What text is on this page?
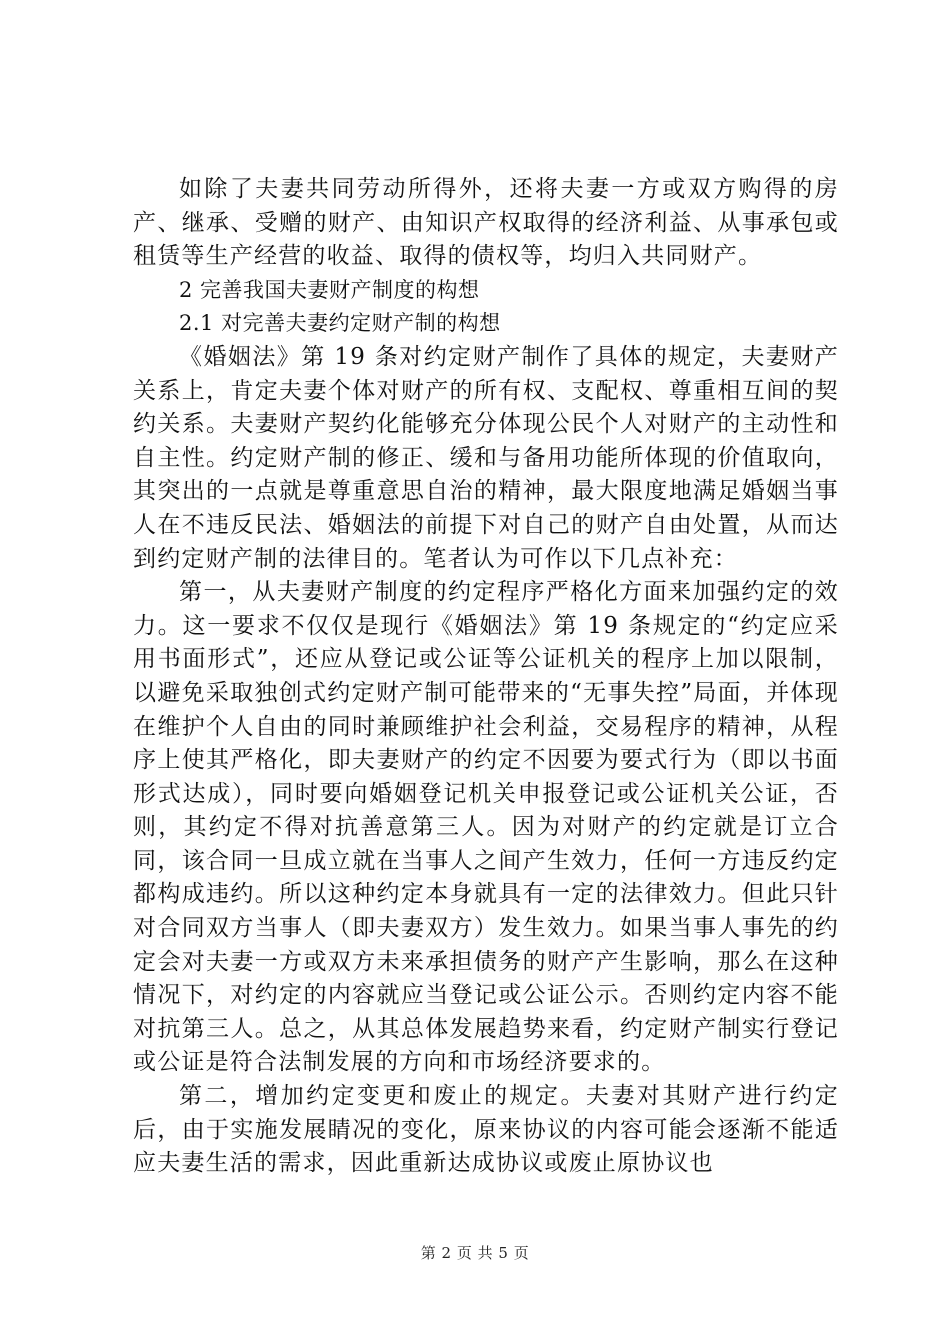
如除了夫妻共同劳动所得外，还将夫妻一方或双方购得的房产、继承、受赠的财产、由知识产权取得的经济利益、从事承包或租赁等生产经营的收益、取得的债权等，均归入共同财产。

2 完善我国夫妻财产制度的构想

2.1 对完善夫妻约定财产制的构想

《婚姻法》第 19 条对约定财产制作了具体的规定，夫妻财产关系上，肯定夫妻个体对财产的所有权、支配权、尊重相互间的契约关系。夫妻财产契约化能够充分体现公民个人对财产的主动性和自主性。约定财产制的修正、缓和与备用功能所体现的价值取向，其突出的一点就是尊重意思自治的精神，最大限度地满足婚姻当事人在不违反民法、婚姻法的前提下对自己的财产自由处置，从而达到约定财产制的法律目的。笔者认为可作以下几点补充：

第一，从夫妻财产制度的约定程序严格化方面来加强约定的效力。这一要求不仅仅是现行《婚姻法》第 19 条规定的“约定应采用书面形式”，还应从登记或公证等公证机关的程序上加以限制，以避免采取独创式约定财产制可能带来的“无事失控”局面，并体现在维护个人自由的同时兼顾维护社会利益，交易程序的精神，从程序上使其严格化，即夫妻财产的约定不因要为要式行为（即以书面形式达成），同时要向婚姻登记机关申报登记或公证机关公证，否则，其约定不得对抗善意第三人。因为对财产的约定就是订立合同，该合同一旦成立就在当事人之间产生效力，任何一方违反约定都构成违约。所以这种约定本身就具有一定的法律效力。但此只针对合同双方当事人（即夫妻双方）发生效力。如果当事人事先的约定会对夫妻一方或双方未来承担债务的财产产生影响，那么在这种情况下，对约定的内容就应当登记或公证公示。否则约定内容不能对抗第三人。总之，从其总体发展趋势来看，约定财产制实行登记或公证是符合法制发展的方向和市场经济要求的。

第二，增加约定变更和废止的规定。夫妻对其财产进行约定后，由于实施发展睛况的变化，原来协议的内容可能会逐渐不能适应夫妻生活的需求，因此重新达成协议或废止原协议也

第 2 页 共 5 页
